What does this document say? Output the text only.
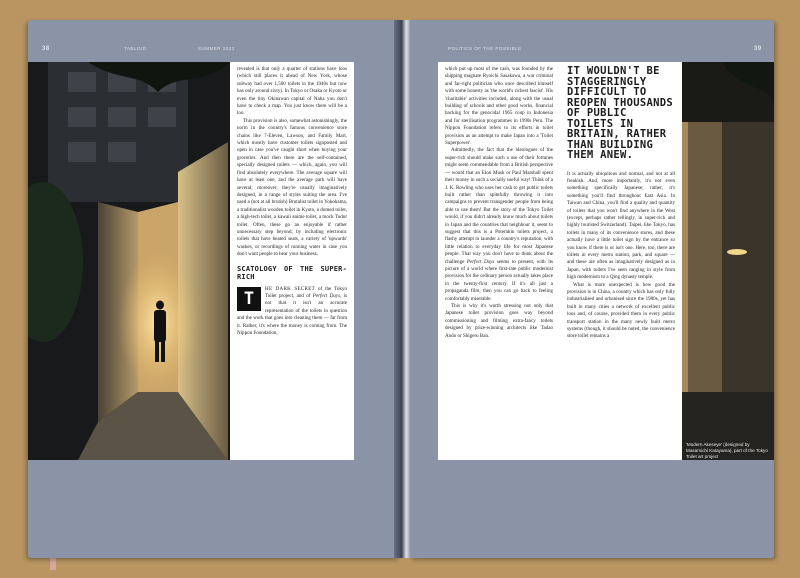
38	TABLOID	SUMMER 2023

revealed is that only a quarter of stations have loos (which still places it ahead of New York, whose subway had over 1,500 toilets in the 1940s but now has only around sixty). In Tokyo or Osaka or Kyoto or even the tiny Okinawan capital of Naha you don't have to check a map. You just know there will be a loo.

This provision is also, somewhat astonishingly, the norm in the country's famous convenience store chains like 7-Eleven, Lawson, and Family Mart, which mostly have customer toilets signposted and open in case you've caught short when buying your groceries. And then there are the self-contained, specially designed toilets — which, again, you will find absolutely everywhere. The average square will have at least one, and the average park will have several; moreover, they're usually imaginatively designed, in a range of styles suiting the area. I've used a (not at all brutish) Brutalist toilet in Yokohama, a traditionalist wooden toilet in Kyoto, a domed toilet, a high-tech toilet, a kawaii anime toilet, a mock Tudor toilet. Often, these go an enjoyable if rather unnecessary step beyond, by including electronic toilets that have heated seats, a variety of 'upwards' washes, or recordings of running water in case you don't want people to hear your business.

SCATOLOGY OF THE SUPER-RICH
T	HE DARK SECRET of the Tokyo Toilet project, and of Perfect Days, is not that it isn't an accurate representation of the toilets in question and the work that goes into cleaning them — far from it. Rather, it's where the money is coming from. The Nippon Foundation,
POLITICS OF THE POSSIBLE	39

which put up most of the cash, was founded by the shipping magnate Ryoichi Sasakawa, a war criminal and far-right politician who once described himself with some honesty as 'the world's richest fascist'. His 'charitable' activities included, along with the usual building of schools and other good works, financial backing for the genocidal 1965 coup in Indonesia and for sterilisation programmes in 1990s Peru. The Nippon Foundation refers to its efforts in toilet provision as an attempt to make Japan into a 'Toilet Superpower'.

Admittedly, the fact that the ideologues of the super-rich should make such a use of their fortunes might seem commendable from a British perspective — would that an Elon Musk or Paul Marshall spent their money in such a socially useful way! Think of a J. K. Rowling who uses her cash to get public toilets built rather than spitefully throwing it into campaigns to prevent transgender people from being able to use them! But the story of the Tokyo Toilet would, if you didn't already know much about toilets in Japan and the countries that neighbour it, seem to suggest that this is a Potemkin toilets project, a flashy attempt to launder a country's reputation, with little relation to everyday life for most Japanese people. That way you don't have to think about the challenge Perfect Days seems to present, with its picture of a world where first-rate public modernist provision for the ordinary person actually takes place in the twenty-first century. If it's all just a propaganda film, then you can go back to feeling comfortably miserable.

This is why it's worth stressing not only that Japanese toilet provision goes way beyond commissioning and filming extra-fancy toilets designed by prize-winning architects like Tadao Ando or Shigeru Ban.

IT WOULDN'T BE STAGGERINGLY DIFFICULT TO REOPEN THOUSANDS OF PUBLIC TOILETS IN BRITAIN, RATHER THAN BUILDING THEM ANEW.

It is actually ubiquitous and normal, and not at all freakish. And, more importantly, it's not even something specifically Japanese; rather, it's something you'll find throughout East Asia. In Taiwan and China, you'll find a quality and quantity of toilets that you won't find anywhere in the West (except, perhaps rather tellingly, in super-rich and highly touristed Switzerland). Taipei, like Tokyo, has toilets in many of its convenience stores, and these actually have a little toilet sign by the entrance so you know if there is or isn't one. Here, too, there are toilets in every metro station, park, and square — and these are often as imaginatively designed as in Japan, with toilets I've seen ranging in style from high modernism to a Qing dynasty temple.

What is more unexpected is how good the provision is in China, a country which has only fully industrialised and urbanised since the 1980s, yet has built in many cities a network of excellent public loos and, of course, provided them in every public transport station in the many newly built metro systems (though, it should be noted, the convenience store toilet remains a

'Modern Akeseye' (designed by Masamichi Katayama), part of the Tokyo Toilet art project
